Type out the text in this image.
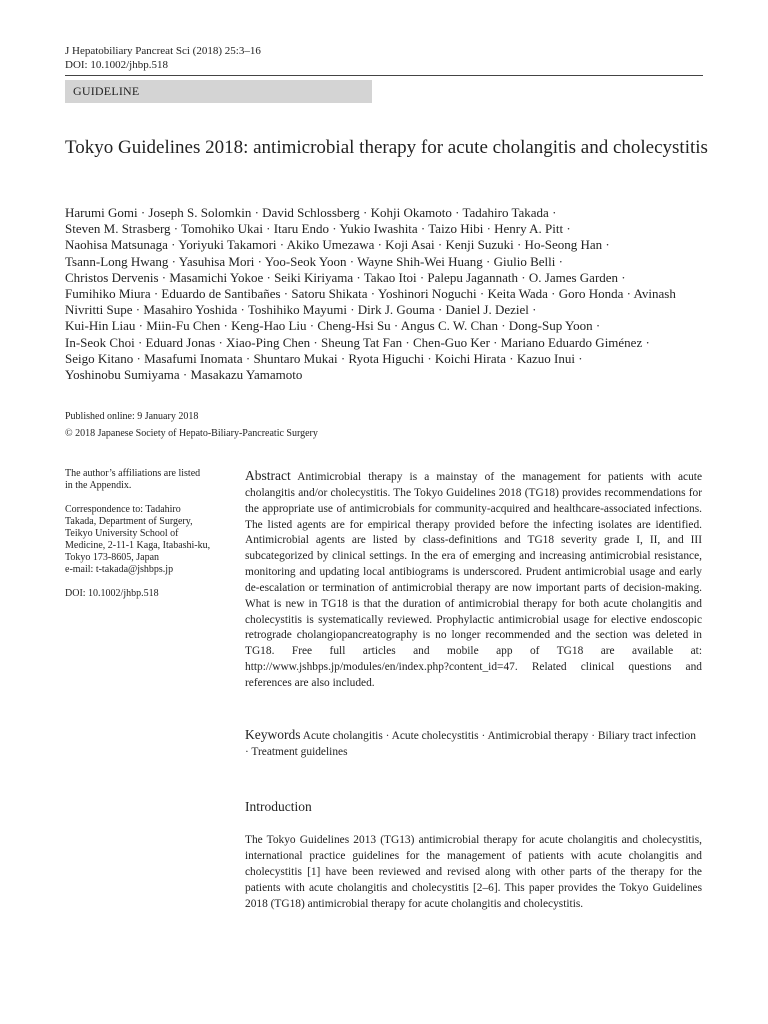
J Hepatobiliary Pancreat Sci (2018) 25:3–16
DOI: 10.1002/jhbp.518
GUIDELINE
Tokyo Guidelines 2018: antimicrobial therapy for acute cholangitis and cholecystitis
Harumi Gomi · Joseph S. Solomkin · David Schlossberg · Kohji Okamoto · Tadahiro Takada ·
Steven M. Strasberg · Tomohiko Ukai · Itaru Endo · Yukio Iwashita · Taizo Hibi · Henry A. Pitt ·
Naohisa Matsunaga · Yoriyuki Takamori · Akiko Umezawa · Koji Asai · Kenji Suzuki · Ho-Seong Han ·
Tsann-Long Hwang · Yasuhisa Mori · Yoo-Seok Yoon · Wayne Shih-Wei Huang · Giulio Belli ·
Christos Dervenis · Masamichi Yokoe · Seiki Kiriyama · Takao Itoi · Palepu Jagannath · O. James Garden ·
Fumihiko Miura · Eduardo de Santibañes · Satoru Shikata · Yoshinori Noguchi · Keita Wada · Goro Honda · Avinash
Nivritti Supe · Masahiro Yoshida · Toshihiko Mayumi · Dirk J. Gouma · Daniel J. Deziel ·
Kui-Hin Liau · Miin-Fu Chen · Keng-Hao Liu · Cheng-Hsi Su · Angus C. W. Chan · Dong-Sup Yoon ·
In-Seok Choi · Eduard Jonas · Xiao-Ping Chen · Sheung Tat Fan · Chen-Guo Ker · Mariano Eduardo Giménez ·
Seigo Kitano · Masafumi Inomata · Shuntaro Mukai · Ryota Higuchi · Koichi Hirata · Kazuo Inui ·
Yoshinobu Sumiyama · Masakazu Yamamoto
Published online: 9 January 2018
© 2018 Japanese Society of Hepato-Biliary-Pancreatic Surgery

The author’s affiliations are listed
in the Appendix.

Correspondence to: Tadahiro
Takada, Department of Surgery,
Teikyo University School of
Medicine, 2-11-1 Kaga, Itabashi-ku,
Tokyo 173-8605, Japan
e-mail: t-takada@jshbps.jp

DOI: 10.1002/jhbp.518

Abstract Antimicrobial therapy is a mainstay of the management for patients with acute cholangitis and/or cholecystitis. The Tokyo Guidelines 2018 (TG18) provides recommendations for the appropriate use of antimicrobials for community-acquired and healthcare-associated infections. The listed agents are for empirical therapy provided before the infecting isolates are identified. Antimicrobial agents are listed by class-definitions and TG18 severity grade I, II, and III subcategorized by clinical settings. In the era of emerging and increasing antimicrobial resistance, monitoring and updating local antibiograms is underscored. Prudent antimicrobial usage and early de-escalation or termination of antimicrobial therapy are now important parts of decision-making. What is new in TG18 is that the duration of antimicrobial therapy for both acute cholangitis and cholecystitis is systematically reviewed. Prophylactic antimicrobial usage for elective endoscopic retrograde cholangiopancreatography is no longer recommended and the section was deleted in TG18. Free full articles and mobile app of TG18 are available at: http://www.jshbps.jp/modules/en/index.php?content_id=47. Related clinical questions and references are also included.
Keywords Acute cholangitis · Acute cholecystitis · Antimicrobial therapy · Biliary tract infection · Treatment guidelines
Introduction
The Tokyo Guidelines 2013 (TG13) antimicrobial therapy for acute cholangitis and cholecystitis, international practice guidelines for the management of patients with acute cholangitis and cholecystitis [1] have been reviewed and revised along with other parts of the therapy for the patients with acute cholangitis and cholecystitis [2–6]. This paper provides the Tokyo Guidelines 2018 (TG18) antimicrobial therapy for acute cholangitis and cholecystitis.
